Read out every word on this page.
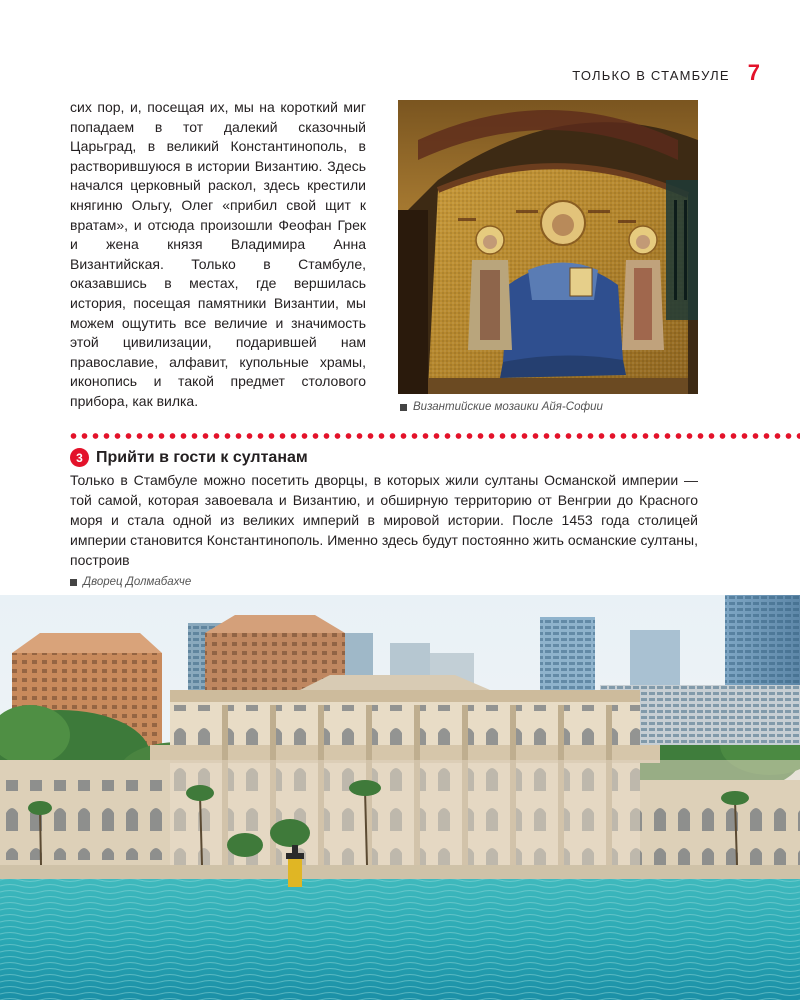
ТОЛЬКО В СТАМБУЛЕ 7

сих пор, и, посещая их, мы на короткий миг попадаем в тот далекий сказочный Царьград, в великий Константинополь, в растворившуюся в истории Византию. Здесь начался церковный раскол, здесь крестили княгиню Ольгу, Олег «прибил свой щит к вратам», и отсюда произошли Феофан Грек и жена князя Владимира Анна Византийская. Только в Стамбуле, оказавшись в местах, где вершилась история, посещая памятники Византии, мы можем ощутить все величие и значимость этой цивилизации, подарившей нам православие, алфавит, купольные храмы, иконопись и такой предмет столового прибора, как вилка.	Византийские мозаики Айя-Софии
3 Прийти в гости к султанам

Только в Стамбуле можно посетить дворцы, в которых жили султаны Османской империи — той самой, которая завоевала и Византию, и обширную территорию от Венгрии до Красного моря и стала одной из великих империй в мировой истории. После 1453 года столицей империи становится Константинополь. Именно здесь будут постоянно жить османские султаны, построив

Дворец Долмабахче
